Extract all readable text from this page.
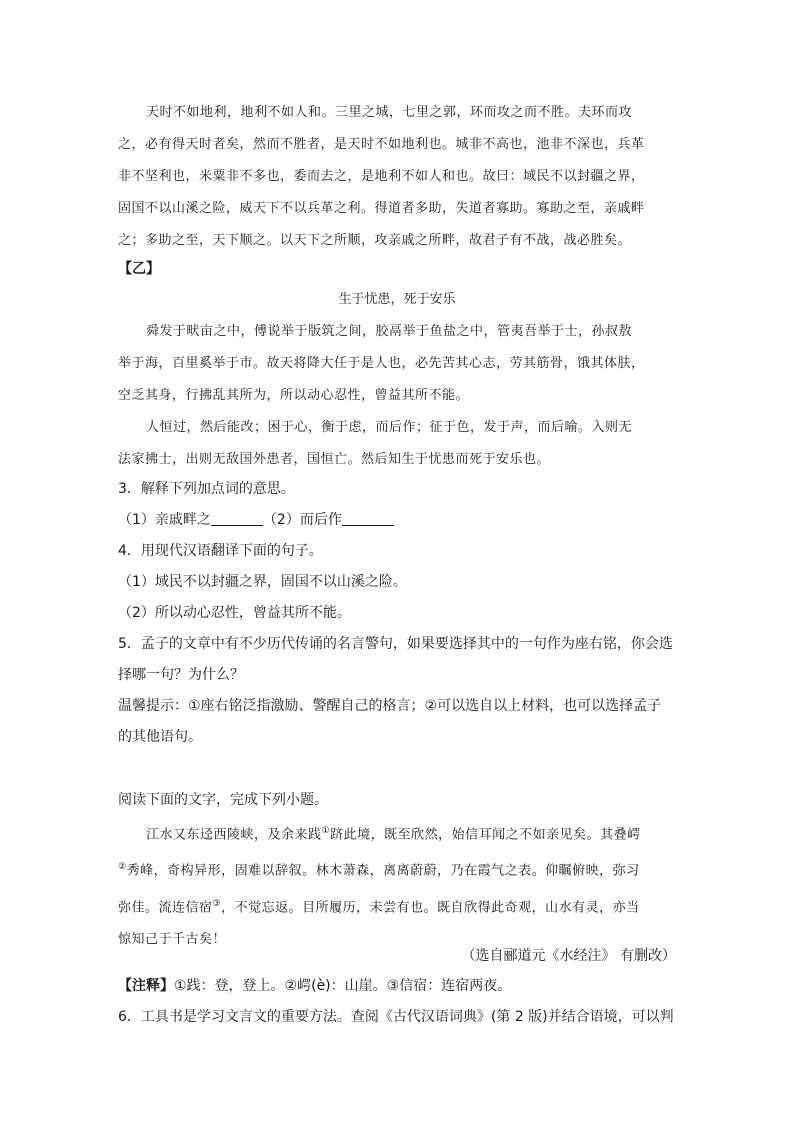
天时不如地利，地利不如人和。三里之城，七里之郭，环而攻之而不胜。夫环而攻

之，必有得天时者矣，然而不胜者，是天时不如地利也。城非不高也，池非不深也，兵革

非不坚利也，米粟非不多也，委而去之，是地利不如人和也。故曰：域民不以封疆之界，

固国不以山溪之险，威天下不以兵革之利。得道者多助，失道者寡助。寡助之至，亲戚畔

之；多助之至，天下顺之。以天下之所顺，攻亲戚之所畔，故君子有不战，战必胜矣。

【乙】
生于忧患，死于安乐

舜发于畎亩之中，傅说举于版筑之间，胶鬲举于鱼盐之中，管夷吾举于士，孙叔敖

举于海，百里奚举于市。故天将降大任于是人也，必先苦其心志，劳其筋骨，饿其体肤，

空乏其身，行拂乱其所为，所以动心忍性，曾益其所不能。

人恒过，然后能改；困于心，衡于虑，而后作；征于色，发于声，而后喻。入则无

法家拂士，出则无敌国外患者，国恒亡。然后知生于忧患而死于安乐也。

3．解释下列加点词的意思。

（1）亲戚畔之	（2）而后作

4．用现代汉语翻译下面的句子。

（1）域民不以封疆之界，固国不以山溪之险。

（2）所以动心忍性，曾益其所不能。

5．孟子的文章中有不少历代传诵的名言警句，如果要选择其中的一句作为座右铭，你会选

择哪一句？为什么？

温馨提示：①座右铭泛指激励、警醒自己的格言；②可以选自以上材料，也可以选择孟子

的其他语句。

阅读下面的文字，完成下列小题。

江水又东迳西陵峡，及余来践①跻此境，既至欣然，始信耳闻之不如亲见矣。其叠崿

②秀峰，奇构异形，固难以辞叙。林木萧森，离离蔚蔚，乃在霞气之表。仰瞩俯映，弥习

弥佳。流连信宿③，不觉忘返。目所履历，未尝有也。既自欣得此奇观，山水有灵，亦当

惊知己于千古矣！

（选自郦道元《水经注》 有删改）
【注释】①践：登，登上。②崿(è)：山崖。③信宿：连宿两夜。
6．工具书是学习文言文的重要方法。查阅《古代汉语词典》(第 2 版)并结合语境，可以判
